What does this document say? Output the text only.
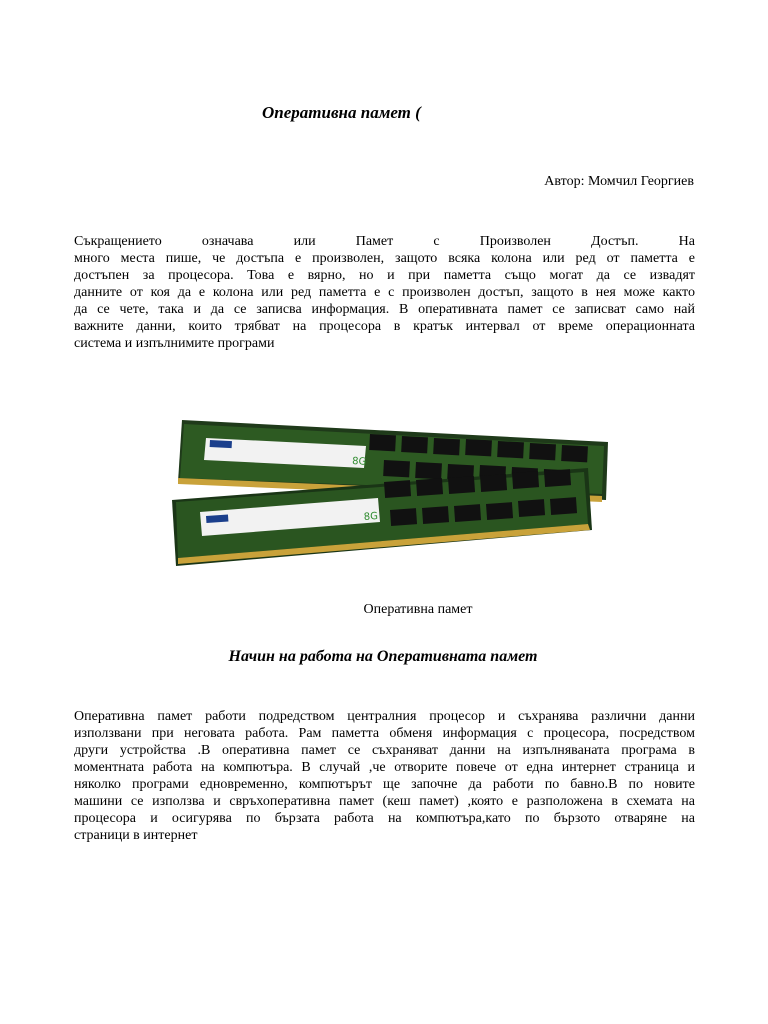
Оперативна памет (
Автор: Момчил Георгиев
Съкращението означава или Памет с Произволен Достъп. На
много места пише, че достъпа е произволен, защото всяка колона или ред от паметта е
достъпен за процесора. Това е вярно, но и при паметта също могат да се извадят
данните от коя да е колона или ред паметта е с произволен достъп, защото в нея може както
да се чете, така и да се записва информация. В оперативната памет се записват само най
важните данни, които трябват на процесора в кратък интервал от време операционната
система и изпълнимите програми
8G
8G
Оперативна памет
Начин на работа на Оперативната памет
Оперативна памет работи подредством централния процесор и съхранява различни данни
използвани при неговата работа. Рам паметта обменя информация с процесора, посредством
други устройства .В оперативна памет се съхраняват данни на изпълняваната програма в
моментната работа на компютъра. В случай ,че отворите повече от една интернет страница и
няколко програми едновременно, компютърът ще започне да работи по бавно.В по новите
машини се използва и свръхоперативна памет (кеш памет) ,която е разположена в схемата на
процесора и осигурява по бързата работа на компютъра,като по бързото отваряне на
страници в интернет
